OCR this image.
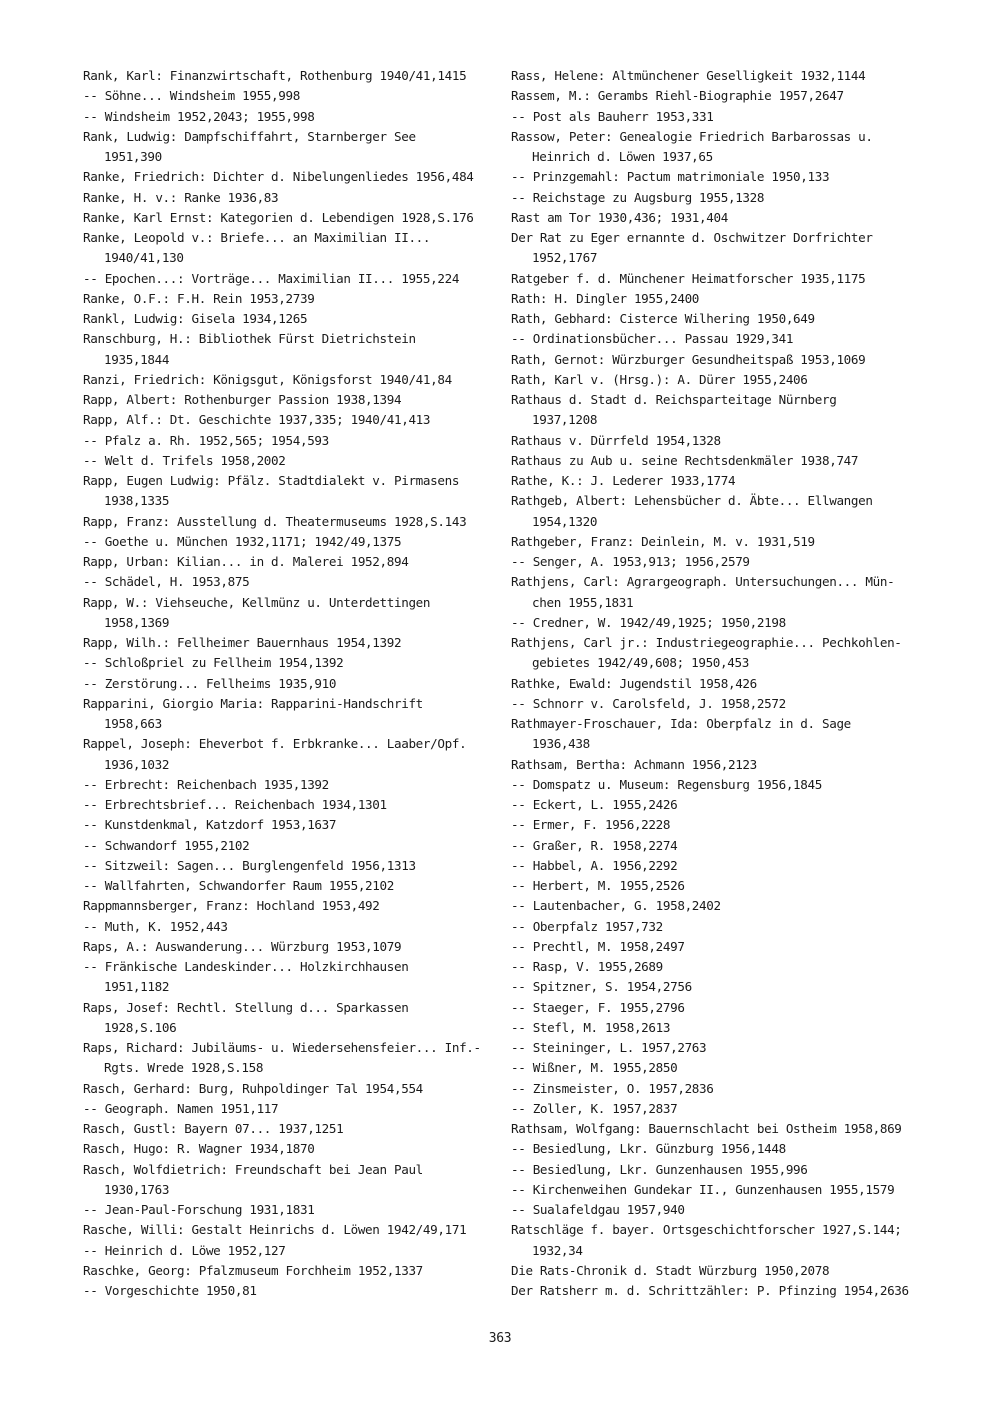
Rank, Karl: Finanzwirtschaft, Rothenburg 1940/41,1415
-- Söhne... Windsheim 1955,998
-- Windsheim 1952,2043; 1955,998
Rank, Ludwig: Dampfschiffahrt, Starnberger See
1951,390
Ranke, Friedrich: Dichter d. Nibelungenliedes 1956,484
Ranke, H. v.: Ranke 1936,83
Ranke, Karl Ernst: Kategorien d. Lebendigen 1928,S.176
Ranke, Leopold v.: Briefe... an Maximilian II...
1940/41,130
-- Epochen...: Vorträge... Maximilian II... 1955,224
Ranke, O.F.: F.H. Rein 1953,2739
Rankl, Ludwig: Gisela 1934,1265
Ranschburg, H.: Bibliothek Fürst Dietrichstein
1935,1844
Ranzi, Friedrich: Königsgut, Königsforst 1940/41,84
Rapp, Albert: Rothenburger Passion 1938,1394
Rapp, Alf.: Dt. Geschichte 1937,335; 1940/41,413
-- Pfalz a. Rh. 1952,565; 1954,593
-- Welt d. Trifels 1958,2002
Rapp, Eugen Ludwig: Pfälz. Stadtdialekt v. Pirmasens
1938,1335
Rapp, Franz: Ausstellung d. Theatermuseums 1928,S.143
-- Goethe u. München 1932,1171; 1942/49,1375
Rapp, Urban: Kilian... in d. Malerei 1952,894
-- Schädel, H. 1953,875
Rapp, W.: Viehseuche, Kellmünz u. Unterdettingen
1958,1369
Rapp, Wilh.: Fellheimer Bauernhaus 1954,1392
-- Schloßpriel zu Fellheim 1954,1392
-- Zerstörung... Fellheims 1935,910
Rapparini, Giorgio Maria: Rapparini-Handschrift
1958,663
Rappel, Joseph: Eheverbot f. Erbkranke... Laaber/Opf.
1936,1032
-- Erbrecht: Reichenbach 1935,1392
-- Erbrechtsbrief... Reichenbach 1934,1301
-- Kunstdenkmal, Katzdorf 1953,1637
-- Schwandorf 1955,2102
-- Sitzweil: Sagen... Burglengenfeld 1956,1313
-- Wallfahrten, Schwandorfer Raum 1955,2102
Rappmannsberger, Franz: Hochland 1953,492
-- Muth, K. 1952,443
Raps, A.: Auswanderung... Würzburg 1953,1079
-- Fränkische Landeskinder... Holzkirchhausen
1951,1182
Raps, Josef: Rechtl. Stellung d... Sparkassen
1928,S.106
Raps, Richard: Jubiläums- u. Wiedersehensfeier... Inf.-
Rgts. Wrede 1928,S.158
Rasch, Gerhard: Burg, Ruhpoldinger Tal 1954,554
-- Geograph. Namen 1951,117
Rasch, Gustl: Bayern 07... 1937,1251
Rasch, Hugo: R. Wagner 1934,1870
Rasch, Wolfdietrich: Freundschaft bei Jean Paul
1930,1763
-- Jean-Paul-Forschung 1931,1831
Rasche, Willi: Gestalt Heinrichs d. Löwen 1942/49,171
-- Heinrich d. Löwe 1952,127
Raschke, Georg: Pfalzmuseum Forchheim 1952,1337
-- Vorgeschichte 1950,81
Rass, Helene: Altmünchener Geselligkeit 1932,1144
Rassem, M.: Gerambs Riehl-Biographie 1957,2647
-- Post als Bauherr 1953,331
Rassow, Peter: Genealogie Friedrich Barbarossas u.
Heinrich d. Löwen 1937,65
-- Prinzgemahl: Pactum matrimoniale 1950,133
-- Reichstage zu Augsburg 1955,1328
Rast am Tor 1930,436; 1931,404
Der Rat zu Eger ernannte d. Oschwitzer Dorfrichter
1952,1767
Ratgeber f. d. Münchener Heimatforscher 1935,1175
Rath: H. Dingler 1955,2400
Rath, Gebhard: Cisterce Wilhering 1950,649
-- Ordinationsbücher... Passau 1929,341
Rath, Gernot: Würzburger Gesundheitspaß 1953,1069
Rath, Karl v. (Hrsg.): A. Dürer 1955,2406
Rathaus d. Stadt d. Reichsparteitage Nürnberg
1937,1208
Rathaus v. Dürrfeld 1954,1328
Rathaus zu Aub u. seine Rechtsdenkmäler 1938,747
Rathe, K.: J. Lederer 1933,1774
Rathgeb, Albert: Lehensbücher d. Äbte... Ellwangen
1954,1320
Rathgeber, Franz: Deinlein, M. v. 1931,519
-- Senger, A. 1953,913; 1956,2579
Rathjens, Carl: Agrargeograph. Untersuchungen... Mün-
chen 1955,1831
-- Credner, W. 1942/49,1925; 1950,2198
Rathjens, Carl jr.: Industriegeographie... Pechkohlen-
gebietes 1942/49,608; 1950,453
Rathke, Ewald: Jugendstil 1958,426
-- Schnorr v. Carolsfeld, J. 1958,2572
Rathmayer-Froschauer, Ida: Oberpfalz in d. Sage
1936,438
Rathsam, Bertha: Achmann 1956,2123
-- Domspatz u. Museum: Regensburg 1956,1845
-- Eckert, L. 1955,2426
-- Ermer, F. 1956,2228
-- Graßer, R. 1958,2274
-- Habbel, A. 1956,2292
-- Herbert, M. 1955,2526
-- Lautenbacher, G. 1958,2402
-- Oberpfalz 1957,732
-- Prechtl, M. 1958,2497
-- Rasp, V. 1955,2689
-- Spitzner, S. 1954,2756
-- Staeger, F. 1955,2796
-- Stefl, M. 1958,2613
-- Steininger, L. 1957,2763
-- Wißner, M. 1955,2850
-- Zinsmeister, O. 1957,2836
-- Zoller, K. 1957,2837
Rathsam, Wolfgang: Bauernschlacht bei Ostheim 1958,869
-- Besiedlung, Lkr. Günzburg 1956,1448
-- Besiedlung, Lkr. Gunzenhausen 1955,996
-- Kirchenweihen Gundekar II., Gunzenhausen 1955,1579
-- Sualafeldgau 1957,940
Ratschläge f. bayer. Ortsgeschichtforscher 1927,S.144;
1932,34
Die Rats-Chronik d. Stadt Würzburg 1950,2078
Der Ratsherr m. d. Schrittzähler: P. Pfinzing 1954,2636
363
